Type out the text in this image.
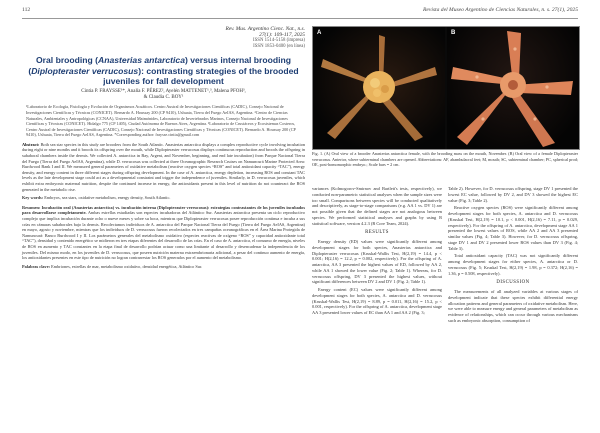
112	Revista del Museo Argentino de Ciencias Naturales, n. s. 27(1), 2025
Rev. Mus. Argentino Cienc. Nat., n.s.
27(1): 109-117, 2025
ISSN 1514-5158 (impresa)
ISSN 1853-0400 (en línea)
Oral brooding (Anasterias antarctica) versus internal brooding (Diplopteraster verrucosus): contrasting strategies of the brooded juveniles for fall development
Cintia P. FRAYSSE¹*, Analía F. PÉREZ², Ayelén MATTENET¹,³, Malena PFOH³,
& Claudia C. BOY¹
¹Laboratorio de Ecología, Fisiología y Evolución de Organismos Acuáticos. Centro Austral de Investigaciones Científicas (CADIC), Consejo Nacional de Investigaciones Científicas y Técnicas (CONICET). Bernardo A. Houssay 200 (CP 9410), Ushuaia, Tierra del Fuego AeIAS, Argentina. ²Centro de Ciencias Naturales, Ambientales y Antropológicas (CCNAA), Universidad Maimónides, Laboratorio de Invertebrados Marinos, Consejo Nacional de Investigaciones Científicas y Técnicas (CONICET). Hidalgo 775 (CP 1405), Ciudad Autónoma de Buenos Aires, Argentina. ³Laboratorio de Crustáceos y Ecosistemas Costeros, Centro Austral de Investigaciones Científicas (CADIC), Consejo Nacional de Investigaciones Científicas y Técnicas (CONICET). Bernardo A. Houssay 200 (CP 9410), Ushuaia, Tierra del Fuego AeIAS, Argentina. *Corresponding author: fraysse.cintia@gmail.com
Abstract: Both sea star species in this study are brooders from the South Atlantic. Anasterias antarctica displays a complex reproductive cycle involving incubation during eight or nine months and it broods its offspring over the mouth, while Diplopteraster verrucosus displays continuous reproduction and broods the offspring in subaboral chambers inside the dermis. We collected A. antarctica in Bay, Argent, and November, beginning, and end late incubation) from Parque Nacional Tierra del Fuego (Tierra del Fuego AeIAS, Argentina), while D. verrucosus was collected at three Oceanographic Research Cruises on Namuncurá Marine Protected Area: Burdwood Bank I and II. We measured general parameters of oxidative metabolism (reactive oxygen species “ROS” and total antioxidant capacity “TAC”), energy density, and energy content in three different stages during offspring development. In the case of A. antarctica, energy depletion, increasing ROS and constant TAC levels as the late development stage could act as a developmental constraint and trigger the independence of juveniles. Similarly, in D. verrucosus juveniles, which exhibit extra embryonic maternal nutrition, despite the continued increase in energy, the antioxidants present in this level of nutrition do not counteract the ROS generated in the metabolic rise.
Key words: Embryos, sea stars, oxidative metabolism, energy density, South Atlantic.
Resumen: Incubación oral (Anasterias antarctica) vs. incubación interna (Diplopteraster verrucosus): estrategias contrastantes de los juveniles incubados para desarrollarse completamente. Ambas estrellas estudiadas son especies incubadoras del Atlántico Sur. Anasterias antarctica presenta un ciclo reproductivo complejo que implica incubación durante ocho o nueve meses y sobre su boca, mientras que Diplopteraster verrucosus posee reproducción continua e incuba a sus crías en cámaras subaborales bajo la dermis. Recolectamos individuos de A. antarctica del Parque Nacional Tierra del Fuego (Tierra del Fuego AeIAS, Argentina) en mayo, agosto y noviembre, mientras que los individuos de D. verrucosus fueron recolectados en tres campañas oceanográficas en el Área Marina Protegida de Namuncurá: Banco Burdwood I y II. Los parámetros generales del metabolismo oxidativo (especies reactivas de oxígeno “ROS” y capacidad antioxidante total “TAC”), densidad y contenido energético se midieron en tres etapas diferentes del desarrollo de las crías. En el caso de A. antarctica, el consumo de energía, niveles de ROS en aumento y TAC constantes en la etapa final de desarrollo podrían actuar como una limitante al desarrollo y desencadenar la independencia de los juveniles. Del mismo modo, en los juveniles de D. verrucosus, que poseen nutrición materna extraembrionaria adicional, a pesar del continuo aumento de energía, los antioxidantes presentes en este tipo de nutrición no logran contrarrestar los ROS generados por el aumento del metabolismo.
Palabras clave: Embriones, estrellas de mar, metabolismo oxidativo, densidad energética, Atlántico Sur.
A	B
Fig. 1. (A) Oral view of a brooder Anasterias antarctica female, with the brooding mass on the mouth, November. (B) Oral view of a female Diplopteraster verrucosus. Anterior, where subterminal chambers are opened. Abbreviations: AF, abambulacral feet; M, mouth; SC, subterminal chamber; PC, spherical prod; OE, post-homomorphic embryo.; Scale bars = 2 cm.

variances (Kolmogorov-Smirnov and Bartlett's tests, respectively), we conducted non-parametric statistical analyses when the sample sizes were too small. Comparisons between species will be conducted qualitatively and descriptively, as stage-to-stage comparisons (e.g. AA 1 vs. DV 1) are not possible given that the defined stages are not analogous between species. We performed statistical analyses and graphs by using R statistical software, version 4.2.3 (R Core Team, 2024).

RESULTS

Energy density (ED) values were significantly different among development stages for both species, Anasterias antarctica and Diplopteraster verrucosus (Kruskal-Wallis Test, H(2,19) = 14.4, p < 0.001; H(2,16) = 12.2, p = 0.002, respectively). For the offspring of A. antarctica, AA 3 presented the highest values of ED, followed by AA 2, while AA 1 showed the lower value (Fig. 2; Table 1). Whereas, for D. verrucosus offspring, DV 3 presented the highest values, without significant differences between DV 2 and DV 1 (Fig. 2; Table 1).

Energy content (EC) values were significantly different among development stages for both species, A. antarctica and D. verrucosus (Kruskal-Wallis Test, H(2,19) = 8.89, p = 0.011, H(2,16) = 15.2, p < 0.001, respectively). For the offspring of A. antarctica, development stage AA 3 presented lower values of EC than AA 1 and AA 2 (Fig. 3;

Table 2). However, for D. verrucosus offspring, stage DV 1 presented the lowest EC value, followed by DV 2, and DV 3 showed the highest EC value (Fig. 3; Table 2).

Reactive oxygen species (ROS) were significantly different among development stages for both species, A. antarctica and D. verrucosus (Kruskal Test, H(2,19) = 10.1, p < 0.001, H(2,16) = 7.11, p = 0.029, respectively). For the offspring of A. antarctica, development stage AA 1 presented the lowest values of ROS, while AA 2 and AA 3 presented similar values (Fig. 4; Table 3). However, for D. verrucosus offspring, stage DV 1 and DV 2 presented lower ROS values than DV 3 (Fig. 4; Table 3).

Total antioxidant capacity (TAC) was not significantly different among development stages for either species, A. antarctica or D. verrucosus (Fig. 5; Kruskal Test, H(2,19) = 1.98, p = 0.372; H(2,16) = 1.36, p = 0.508, respectively).

DISCUSSION

The measurements of all analyzed variables at various stages of development indicate that these species exhibit differential energy allocation patterns and general parameters of oxidative metabolism. Here, we were able to measure energy and general parameters of metabolism as evidence of relationships, which can occur through various mechanisms such as embryonic absorption, consumption of
